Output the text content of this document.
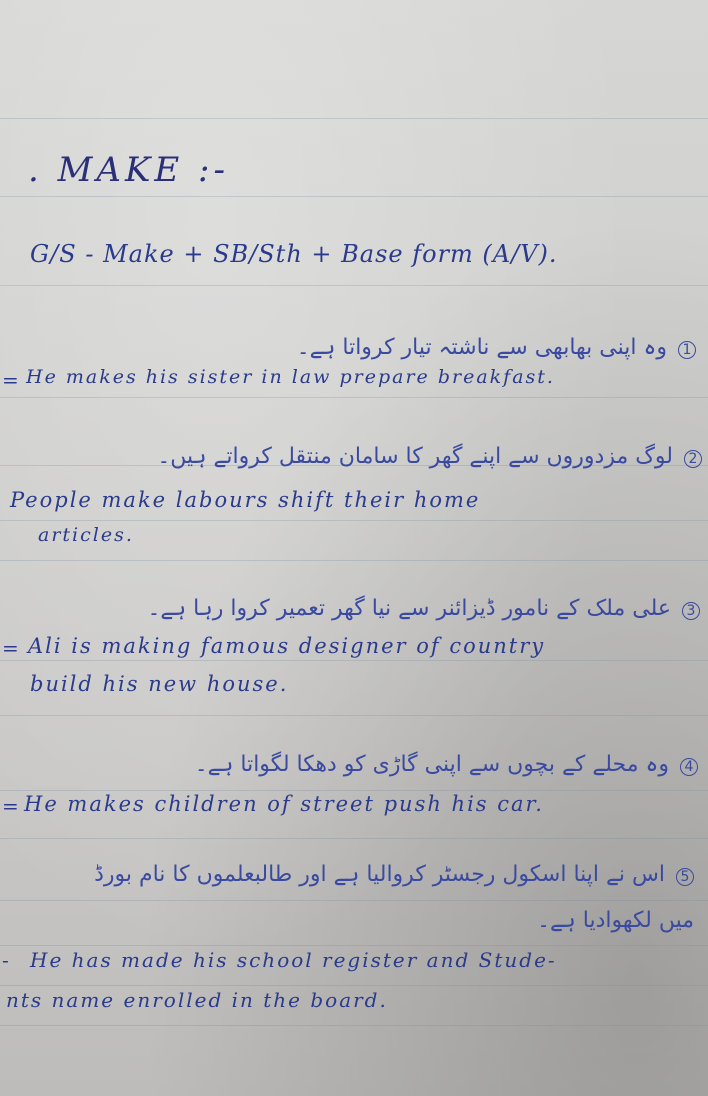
. MAKE :-
G/S - Make + SB/Sth + Base form (A/V).
1 وہ اپنی بھابھی سے ناشتہ تیار کرواتا ہے۔
= He makes his sister in law prepare breakfast.
2 لوگ مزدوروں سے اپنے گھر کا سامان منتقل کرواتے ہیں۔
People make labours shift their home
articles.
3 علی ملک کے نامور ڈیزائنر سے نیا گھر تعمیر کروا رہا ہے۔
= Ali is making famous designer of country
build his new house.
4 وہ محلے کے بچوں سے اپنی گاڑی کو دھکا لگواتا ہے۔
= He makes children of street push his car.
5 اس نے اپنا اسکول رجسٹر کروالیا ہے اور طالبعلموں کا نام بورڈ
میں لکھوادیا ہے۔
- He has made his school register and Stude-
nts name enrolled in the board.
